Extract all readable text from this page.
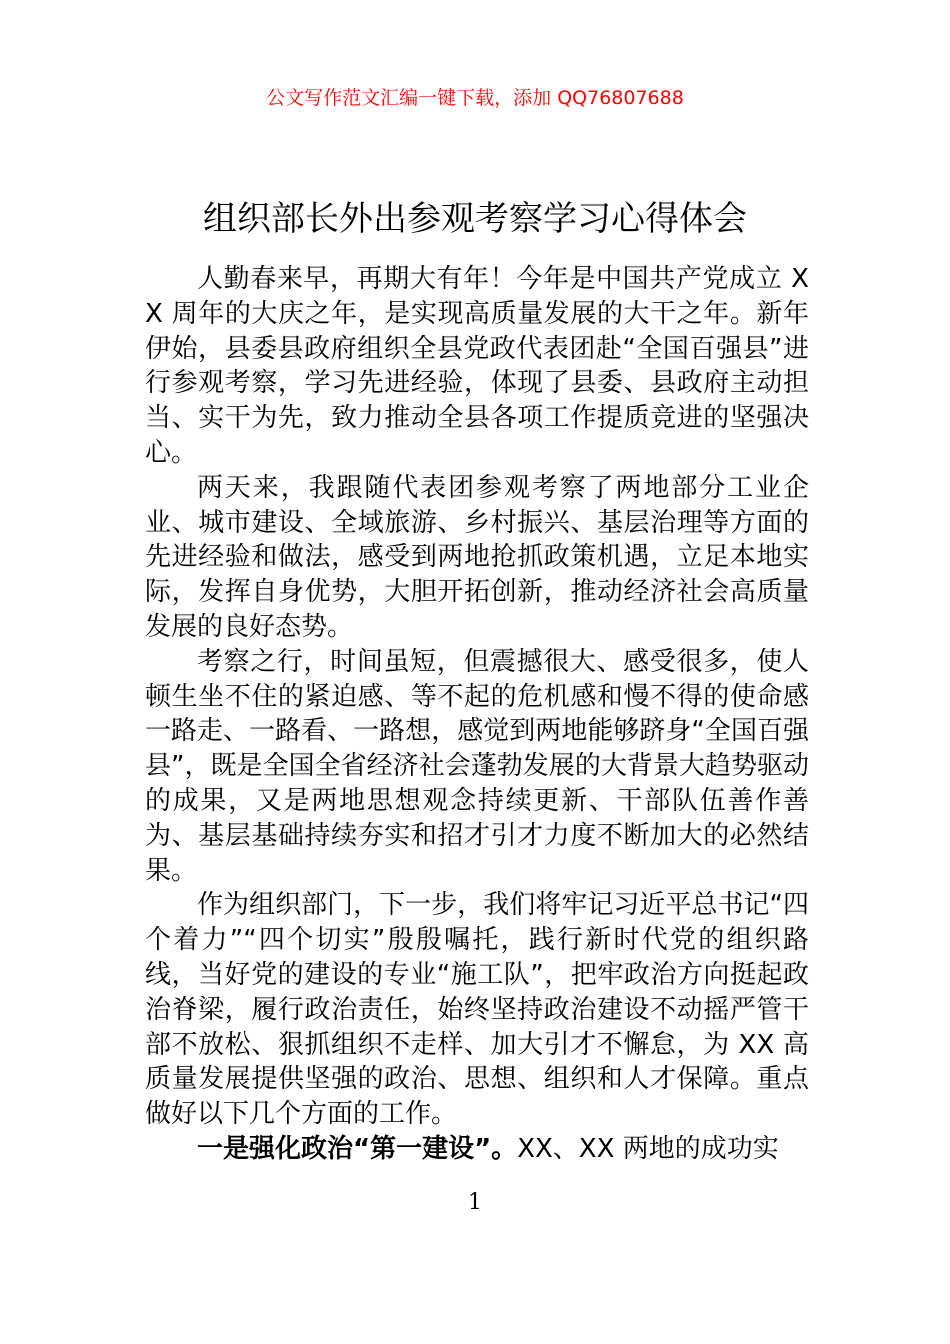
公文写作范文汇编一键下载，添加 QQ76807688
组织部长外出参观考察学习心得体会

人勤春来早，再期大有年！今年是中国共产党成立 XX 周年的大庆之年，是实现高质量发展的大干之年。新年伊始，县委县政府组织全县党政代表团赴“全国百强县”进行参观考察，学习先进经验，体现了县委、县政府主动担当、实干为先，致力推动全县各项工作提质竞进的坚强决心。

两天来，我跟随代表团参观考察了两地部分工业企业、城市建设、全域旅游、乡村振兴、基层治理等方面的先进经验和做法，感受到两地抢抓政策机遇，立足本地实际，发挥自身优势，大胆开拓创新，推动经济社会高质量发展的良好态势。

考察之行，时间虽短，但震撼很大、感受很多，使人顿生坐不住的紧迫感、等不起的危机感和慢不得的使命感一路走、一路看、一路想，感觉到两地能够跻身“全国百强县”，既是全国全省经济社会蓬勃发展的大背景大趋势驱动的成果，又是两地思想观念持续更新、干部队伍善作善为、基层基础持续夯实和招才引才力度不断加大的必然结果。

作为组织部门，下一步，我们将牢记习近平总书记“四个着力”“四个切实”殷殷嘱托，践行新时代党的组织路线，当好党的建设的专业“施工队”，把牢政治方向挺起政治脊梁，履行政治责任，始终坚持政治建设不动摇严管干部不放松、狠抓组织不走样、加大引才不懈怠，为 XX 高质量发展提供坚强的政治、思想、组织和人才保障。重点做好以下几个方面的工作。

一是强化政治“第一建设”。XX、XX 两地的成功实

1
